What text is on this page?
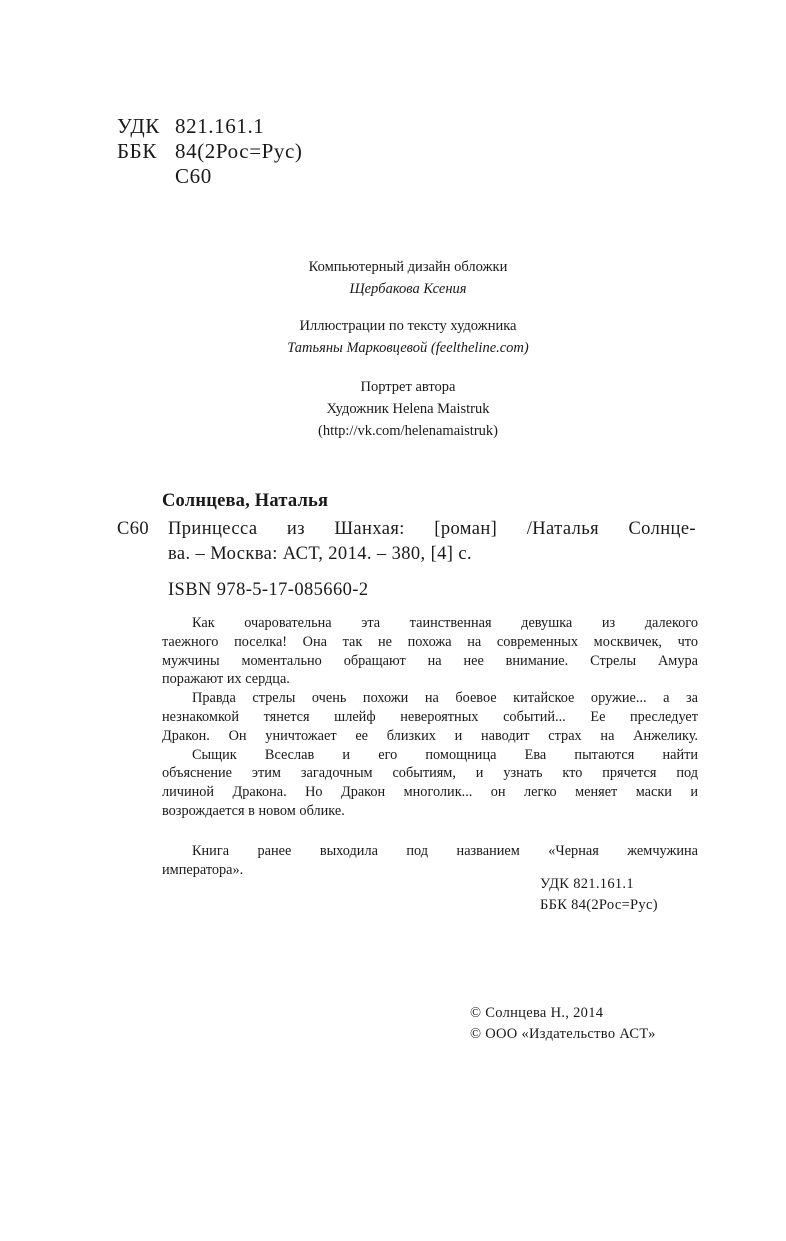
УДК 821.161.1
ББК 84(2Рос=Рус)
С60
Компьютерный дизайн обложки
Щербакова Ксения
Иллюстрации по тексту художника
Татьяны Марковцевой (feeltheline.com)
Портрет автора
Художник Helena Maistruk
(http://vk.com/helenamaistruk)
Солнцева, Наталья
С60 Принцесса из Шанхая: [роман] /Наталья Солнце-
ва. – Москва: АСТ, 2014. – 380, [4] с.
ISBN 978-5-17-085660-2
Как очаровательна эта таинственная девушка из далекого
таежного поселка! Она так не похожа на современных москвичек, что
мужчины моментально обращают на нее внимание. Стрелы Амура
поражают их сердца.
Правда стрелы очень похожи на боевое китайское оружие... а за
незнакомкой тянется шлейф невероятных событий... Ее преследует
Дракон. Он уничтожает ее близких и наводит страх на Анжелику.
Сыщик Всеслав и его помощница Ева пытаются найти
объяснение этим загадочным событиям, и узнать кто прячется под
личиной Дракона. Но Дракон многолик... он легко меняет маски и
возрождается в новом облике.
Книга ранее выходила под названием «Черная жемчужина
императора».
УДК 821.161.1
ББК 84(2Рос=Рус)
© Солнцева Н., 2014
© ООО «Издательство АСТ»
